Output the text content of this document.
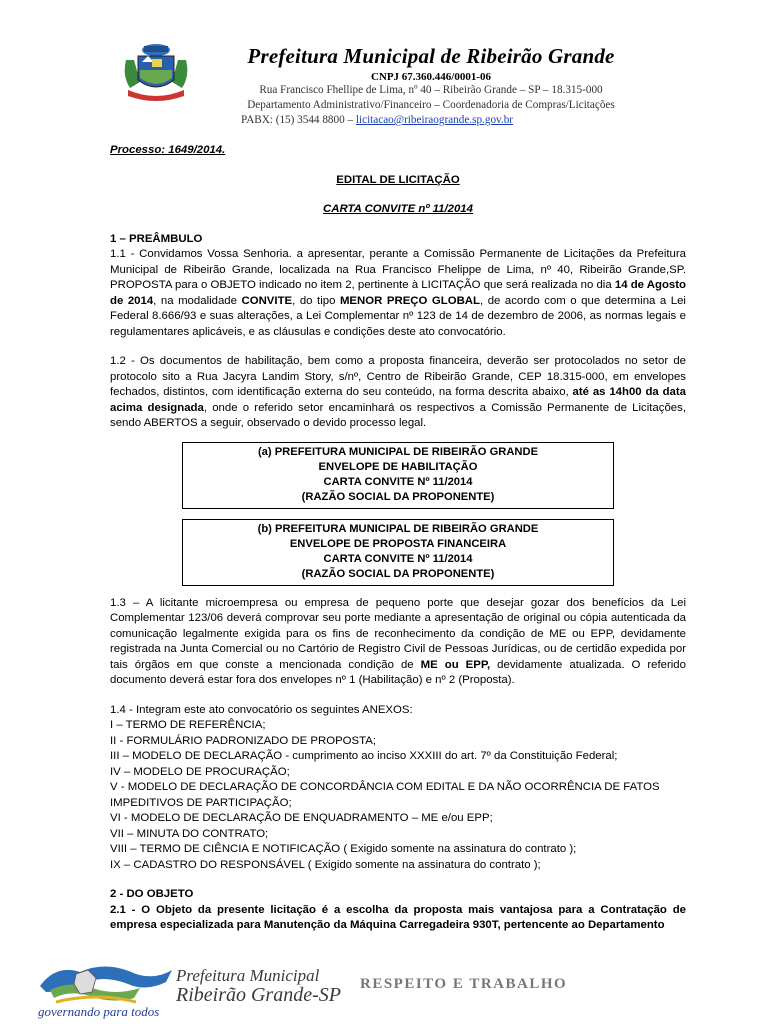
Prefeitura Municipal de Ribeirão Grande
CNPJ 67.360.446/0001-06
Rua Francisco Fhellipe de Lima, nº 40 – Ribeirão Grande – SP – 18.315-000
Departamento Administrativo/Financeiro – Coordenadoria de Compras/Licitações
PABX: (15) 3544 8800 – licitacao@ribeiraogrande.sp.gov.br
Processo: 1649/2014.
EDITAL DE LICITAÇÃO
CARTA CONVITE nº 11/2014
1 – PREÂMBULO
1.1 - Convidamos Vossa Senhoria. a apresentar, perante a Comissão Permanente de Licitações da Prefeitura Municipal de Ribeirão Grande, localizada na Rua Francisco Fhelippe de Lima, nº 40, Ribeirão Grande,SP. PROPOSTA para o OBJETO indicado no item 2, pertinente à LICITAÇÃO que será realizada no dia 14 de Agosto de 2014, na modalidade CONVITE, do tipo MENOR PREÇO GLOBAL, de acordo com o que determina a Lei Federal 8.666/93 e suas alterações, a Lei Complementar nº 123 de 14 de dezembro de 2006, as normas legais e regulamentares aplicáveis, e as cláusulas e condições deste ato convocatório.
1.2 - Os documentos de habilitação, bem como a proposta financeira, deverão ser protocolados no setor de protocolo sito a Rua Jacyra Landim Story, s/nº, Centro de Ribeirão Grande, CEP 18.315-000, em envelopes fechados, distintos, com identificação externa do seu conteúdo, na forma descrita abaixo, até as 14h00 da data acima designada, onde o referido setor encaminhará os respectivos a Comissão Permanente de Licitações, sendo ABERTOS a seguir, observado o devido processo legal.
(a) PREFEITURA MUNICIPAL DE RIBEIRÃO GRANDE
ENVELOPE DE HABILITAÇÃO
CARTA CONVITE Nº 11/2014
(RAZÃO SOCIAL DA PROPONENTE)
(b) PREFEITURA MUNICIPAL DE RIBEIRÃO GRANDE
ENVELOPE DE PROPOSTA FINANCEIRA
CARTA CONVITE Nº 11/2014
(RAZÃO SOCIAL DA PROPONENTE)
1.3 – A licitante microempresa ou empresa de pequeno porte que desejar gozar dos benefícios da Lei Complementar 123/06 deverá comprovar seu porte mediante a apresentação de original ou cópia autenticada da comunicação legalmente exigida para os fins de reconhecimento da condição de ME ou EPP, devidamente registrada na Junta Comercial ou no Cartório de Registro Civil de Pessoas Jurídicas, ou de certidão expedida por tais órgãos em que conste a mencionada condição de ME ou EPP, devidamente atualizada. O referido documento deverá estar fora dos envelopes nº 1 (Habilitação) e nº 2 (Proposta).
1.4 - Integram este ato convocatório os seguintes ANEXOS:
I – TERMO DE REFERÊNCIA;
II - FORMULÁRIO PADRONIZADO DE PROPOSTA;
III – MODELO DE DECLARAÇÃO - cumprimento ao inciso XXXIII do art. 7º da Constituição Federal;
IV – MODELO DE PROCURAÇÃO;
V - MODELO DE DECLARAÇÃO DE CONCORDÂNCIA COM EDITAL E DA NÃO OCORRÊNCIA DE FATOS IMPEDITIVOS DE PARTICIPAÇÃO;
VI - MODELO DE DECLARAÇÃO DE ENQUADRAMENTO – ME e/ou EPP;
VII – MINUTA DO CONTRATO;
VIII – TERMO DE CIÊNCIA E NOTIFICAÇÃO ( Exigido somente na assinatura do contrato );
IX – CADASTRO DO RESPONSÁVEL ( Exigido somente na assinatura do contrato );
2 - DO OBJETO
2.1 - O Objeto da presente licitação é a escolha da proposta mais vantajosa para a Contratação de empresa especializada para Manutenção da Máquina Carregadeira 930T, pertencente ao Departamento
Prefeitura Municipal
Ribeirão Grande-SP
governando para todos
RESPEITO E TRABALHO
